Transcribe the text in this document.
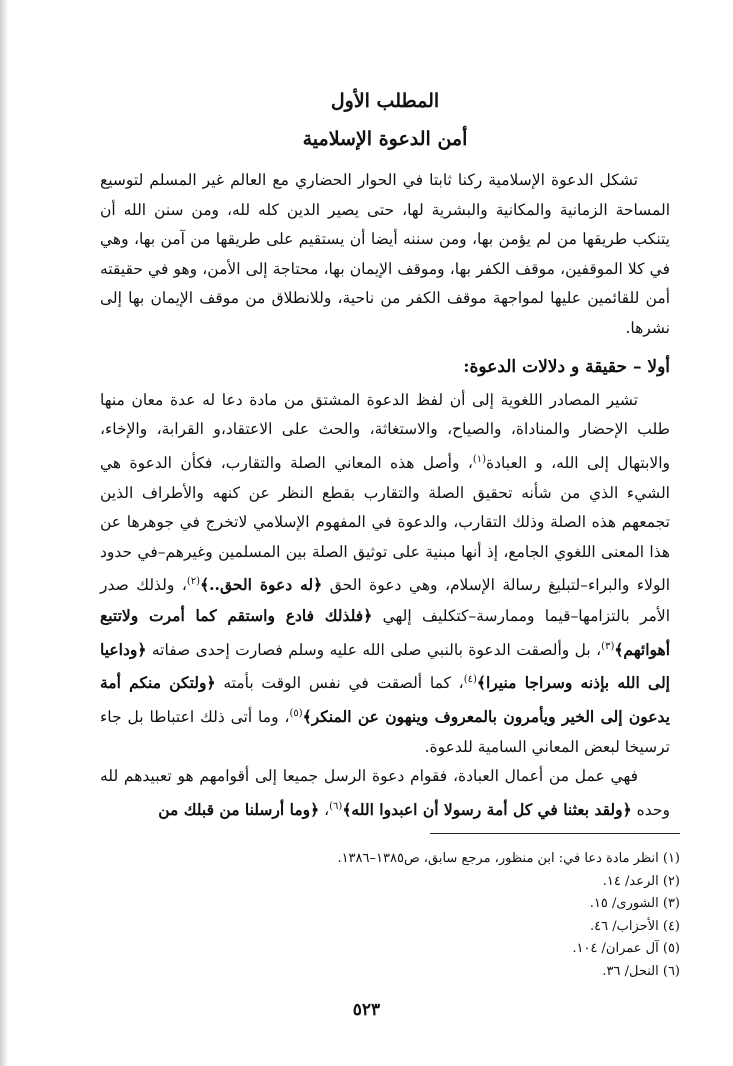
المطلب الأول
أمن الدعوة الإسلامية

تشكل الدعوة الإسلامية ركنا ثابتا في الحوار الحضاري مع العالم غير المسلم لتوسيع المساحة الزمانية والمكانية والبشرية لها، حتى يصير الدين كله لله، ومن سنن الله أن يتنكب طريقها من لم يؤمن بها، ومن سننه أيضا أن يستقيم على طريقها من آمن بها، وهي في كلا الموقفين، موقف الكفر بها، وموقف الإيمان بها، محتاجة إلى الأمن، وهو في حقيقته أمن للقائمين عليها لمواجهة موقف الكفر من ناحية، وللانطلاق من موقف الإيمان بها إلى نشرها.

أولا – حقيقة و دلالات الدعوة:

تشير المصادر اللغوية إلى أن لفظ الدعوة المشتق من مادة دعا له عدة معان منها طلب الإحضار والمناداة، والصياح، والاستغاثة، والحث على الاعتقاد،و القرابة، والإخاء، والابتهال إلى الله، و العبادة$^{(١)}$، وأصل هذه المعاني الصلة والتقارب، فكأن الدعوة هي الشيء الذي من شأنه تحقيق الصلة والتقارب بقطع النظر عن كنهه والأطراف الذين تجمعهم هذه الصلة وذلك التقارب، والدعوة في المفهوم الإسلامي لاتخرج في جوهرها عن هذا المعنى اللغوي الجامع، إذ أنها مبنية على توثيق الصلة بين المسلمين وغيرهم–في حدود الولاء والبراء–لتبليغ رسالة الإسلام، وهي دعوة الحق ﴿له دعوة الحق..﴾$^{(٢)}$، ولذلك صدر الأمر بالتزامها–قيما وممارسة–كتكليف إلهي ﴿فلذلك فادع واستقم كما أمرت ولاتتبع أهوائهم﴾$^{(٣)}$، بل وألصقت الدعوة بالنبي صلى الله عليه وسلم فصارت إحدى صفاته ﴿وداعيا إلى الله بإذنه وسراجا منيرا﴾$^{(٤)}$، كما ألصقت في نفس الوقت بأمته ﴿ولتكن منكم أمة يدعون إلى الخير ويأمرون بالمعروف وينهون عن المنكر﴾$^{(٥)}$، وما أتى ذلك اعتباطا بل جاء ترسيخا لبعض المعاني السامية للدعوة.

فهي عمل من أعمال العبادة، فقوام دعوة الرسل جميعا إلى أقوامهم هو تعبيدهم لله وحده ﴿ولقد بعثنا في كل أمة رسولا أن اعبدوا الله﴾$^{(٦)}$، ﴿وما أرسلنا من قبلك من

(١) انظر مادة دعا في: ابن منظور، مرجع سابق، ص١٣٨٥–١٣٨٦.
(٢) الرعد/ ١٤.
(٣) الشورى/ ١٥.
(٤) الأحزاب/ ٤٦.
(٥) آل عمران/ ١٠٤.
(٦) النحل/ ٣٦.
٥٢٣
